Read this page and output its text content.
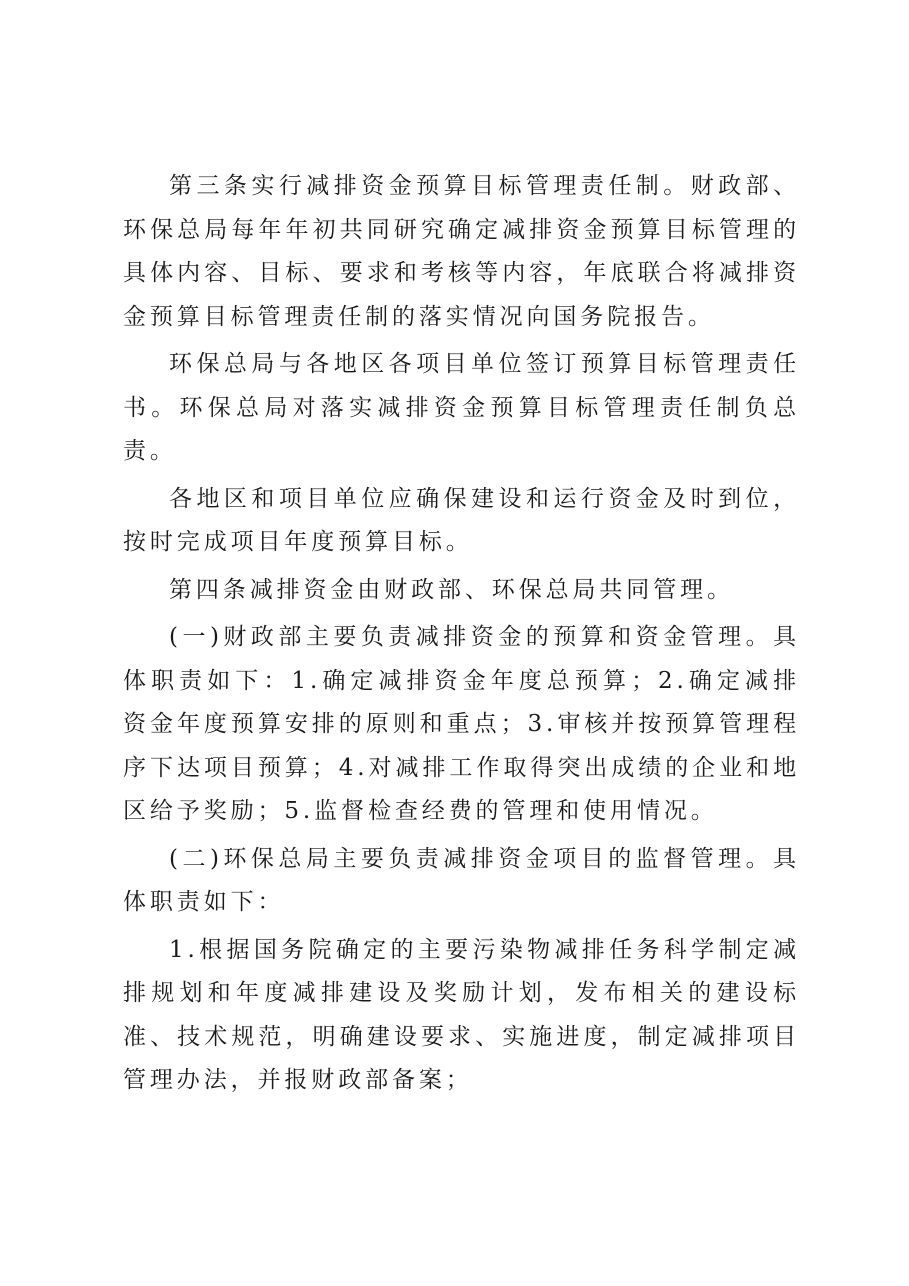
第三条实行减排资金预算目标管理责任制。财政部、环保总局每年年初共同研究确定减排资金预算目标管理的具体内容、目标、要求和考核等内容，年底联合将减排资金预算目标管理责任制的落实情况向国务院报告。

环保总局与各地区各项目单位签订预算目标管理责任书。环保总局对落实减排资金预算目标管理责任制负总责。

各地区和项目单位应确保建设和运行资金及时到位，按时完成项目年度预算目标。

第四条减排资金由财政部、环保总局共同管理。

(一)财政部主要负责减排资金的预算和资金管理。具体职责如下：1.确定减排资金年度总预算；2.确定减排资金年度预算安排的原则和重点；3.审核并按预算管理程序下达项目预算；4.对减排工作取得突出成绩的企业和地区给予奖励；5.监督检查经费的管理和使用情况。

(二)环保总局主要负责减排资金项目的监督管理。具体职责如下：

1.根据国务院确定的主要污染物减排任务科学制定减排规划和年度减排建设及奖励计划，发布相关的建设标准、技术规范，明确建设要求、实施进度，制定减排项目管理办法，并报财政部备案；
